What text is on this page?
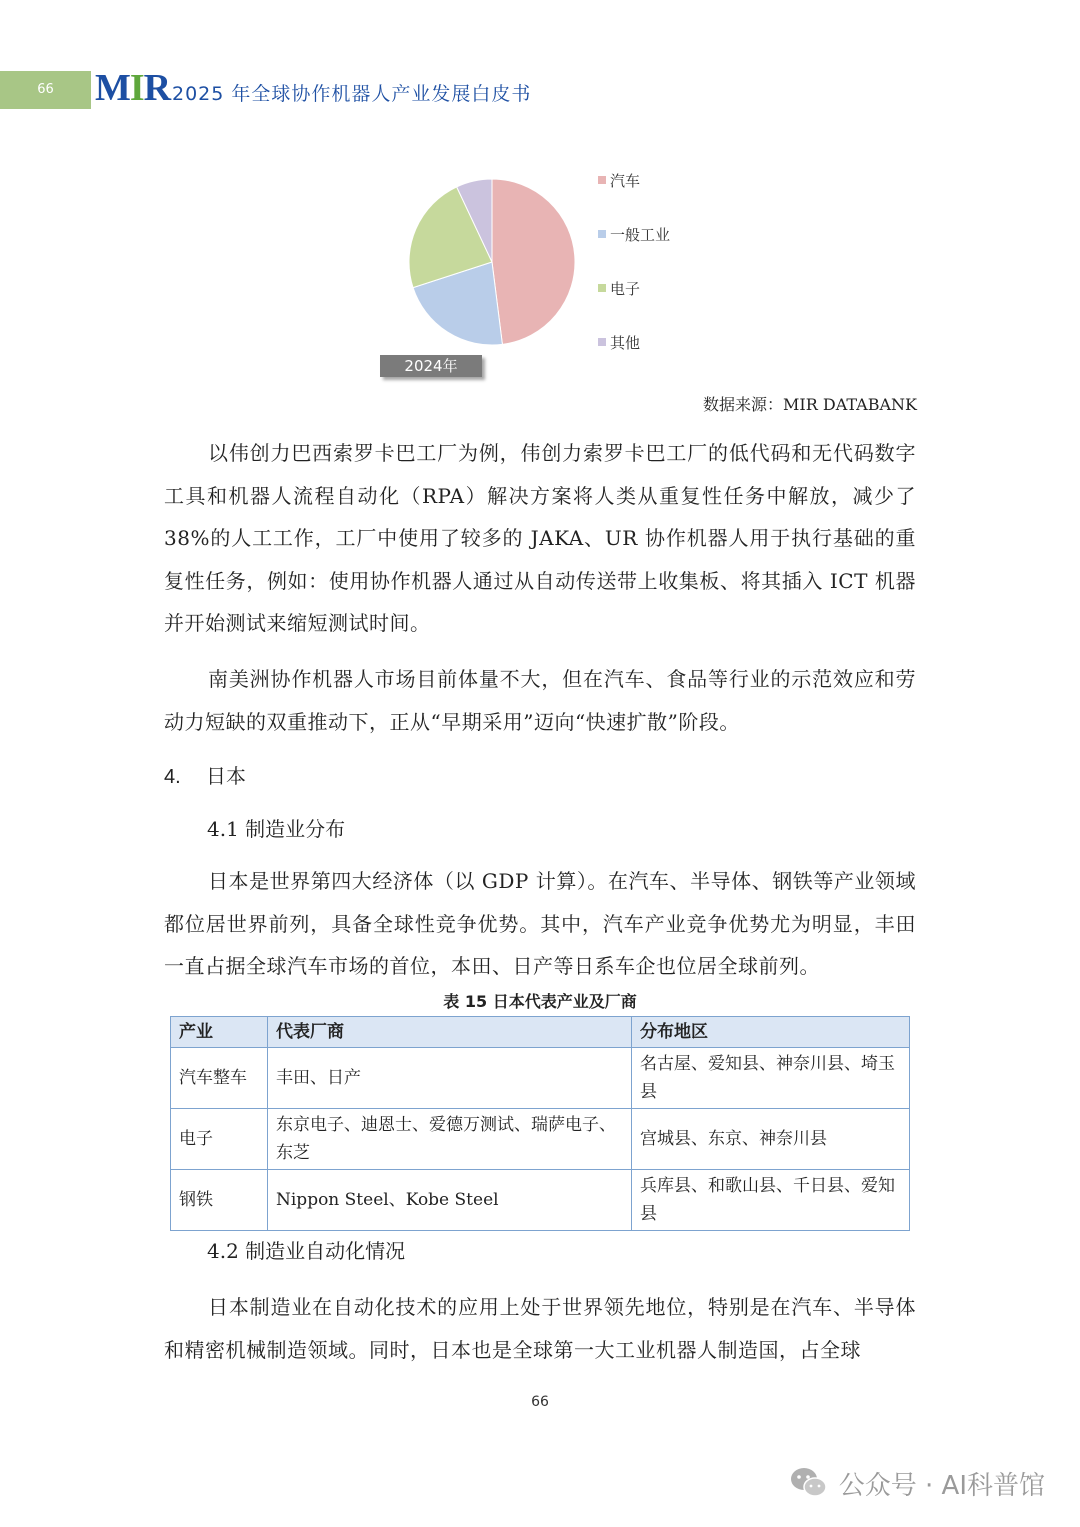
66	MIR 2025 年全球协作机器人产业发展白皮书
汽车
一般工业
电子
其他
2024年
数据来源：MIR DATABANK

以伟创力巴西索罗卡巴工厂为例，伟创力索罗卡巴工厂的低代码和无代码数字工具和机器人流程自动化（RPA）解决方案将人类从重复性任务中解放，减少了 38%的人工工作，工厂中使用了较多的 JAKA、UR 协作机器人用于执行基础的重复性任务，例如：使用协作机器人通过从自动传送带上收集板、将其插入 ICT 机器并开始测试来缩短测试时间。

南美洲协作机器人市场目前体量不大，但在汽车、食品等行业的示范效应和劳动力短缺的双重推动下，正从“早期采用”迈向“快速扩散”阶段。

4. 日本
4.1 制造业分布

日本是世界第四大经济体（以 GDP 计算）。在汽车、半导体、钢铁等产业领域都位居世界前列，具备全球性竞争优势。其中，汽车产业竞争优势尤为明显，丰田一直占据全球汽车市场的首位，本田、日产等日系车企也位居全球前列。

表 15 日本代表产业及厂商
产业	代表厂商	分布地区
汽车整车	丰田、日产	名古屋、爱知县、神奈川县、埼玉县
电子	东京电子、迪恩士、爱德万测试、瑞萨电子、东芝	宫城县、东京、神奈川县
钢铁	Nippon Steel、Kobe Steel	兵库县、和歌山县、千日县、爱知县
4.2 制造业自动化情况

日本制造业在自动化技术的应用上处于世界领先地位，特别是在汽车、半导体和精密机械制造领域。同时，日本也是全球第一大工业机器人制造国，占全球

66
公众号 · AI科普馆
